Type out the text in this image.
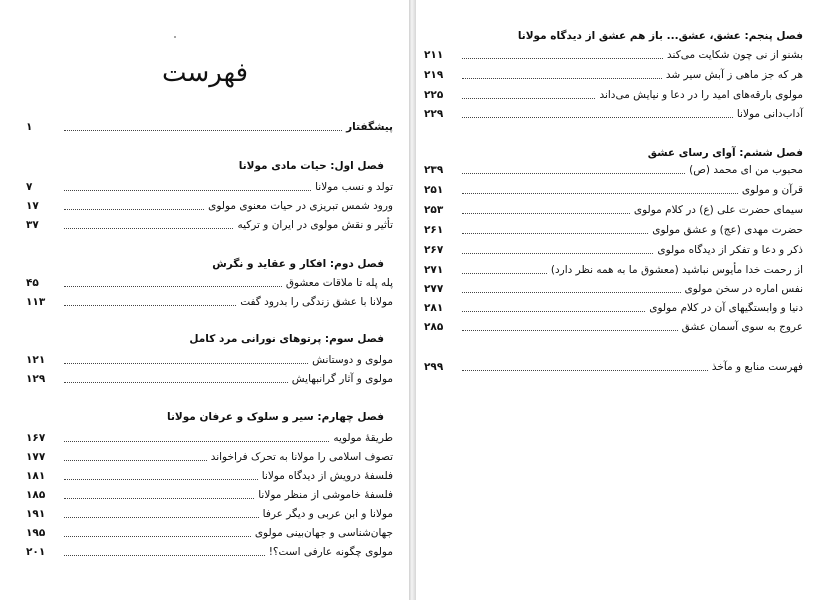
فهرست
پیشگفتار
۱
فصل اول: حیات مادی مولانا
تولد و نسب مولانا
۷
ورود شمس تبریزی در حیات معنوی مولوی
۱۷
تأثیر و نقش مولوی در ایران و ترکیه
۳۷
فصل دوم: افکار و عقاید و نگرش
پله پله تا ملاقات معشوق
۴۵
مولانا با عشق زندگی را بدرود گفت
۱۱۳
فصل سوم: پرتوهای نورانی مرد کامل
مولوی و دوستانش
۱۲۱
مولوی و آثار گرانبهایش
۱۲۹
فصل چهارم: سیر و سلوک و عرفان مولانا
طریقهٔ مولویه
۱۶۷
تصوف اسلامی را مولانا به تحرک فراخواند
۱۷۷
فلسفهٔ درویش از دیدگاه مولانا
۱۸۱
فلسفهٔ خاموشی از منظر مولانا
۱۸۵
مولانا و ابن عربی و دیگر عرفا
۱۹۱
جهان‌شناسی و جهان‌بینی مولوی
۱۹۵
مولوی چگونه عارفی است؟!
۲۰۱
فصل پنجم: عشق، عشق... باز هم عشق از دیدگاه مولانا
بشنو از نی چون شکایت می‌کند
۲۱۱
هر که جز ماهی ز آبش سیر شد
۲۱۹
مولوی بارقه‌های امید را در دعا و نیایش می‌داند
۲۲۵
آداب‌دانی مولانا
۲۲۹
فصل ششم: آوای رسای عشق
محبوب من ای محمد (ص)
۲۳۹
قرآن و مولوی
۲۵۱
سیمای حضرت علی (ع) در کلام مولوی
۲۵۳
حضرت مهدی (عج) و عشق مولوی
۲۶۱
ذکر و دعا و تفکر از دیدگاه مولوی
۲۶۷
از رحمت خدا مأیوس نباشید (معشوق ما به همه نظر دارد)
۲۷۱
نفس اماره در سخن مولوی
۲۷۷
دنیا و وابستگیهای آن در کلام مولوی
۲۸۱
عروج به سوی آسمان عشق
۲۸۵
فهرست منابع و مآخذ
۲۹۹
